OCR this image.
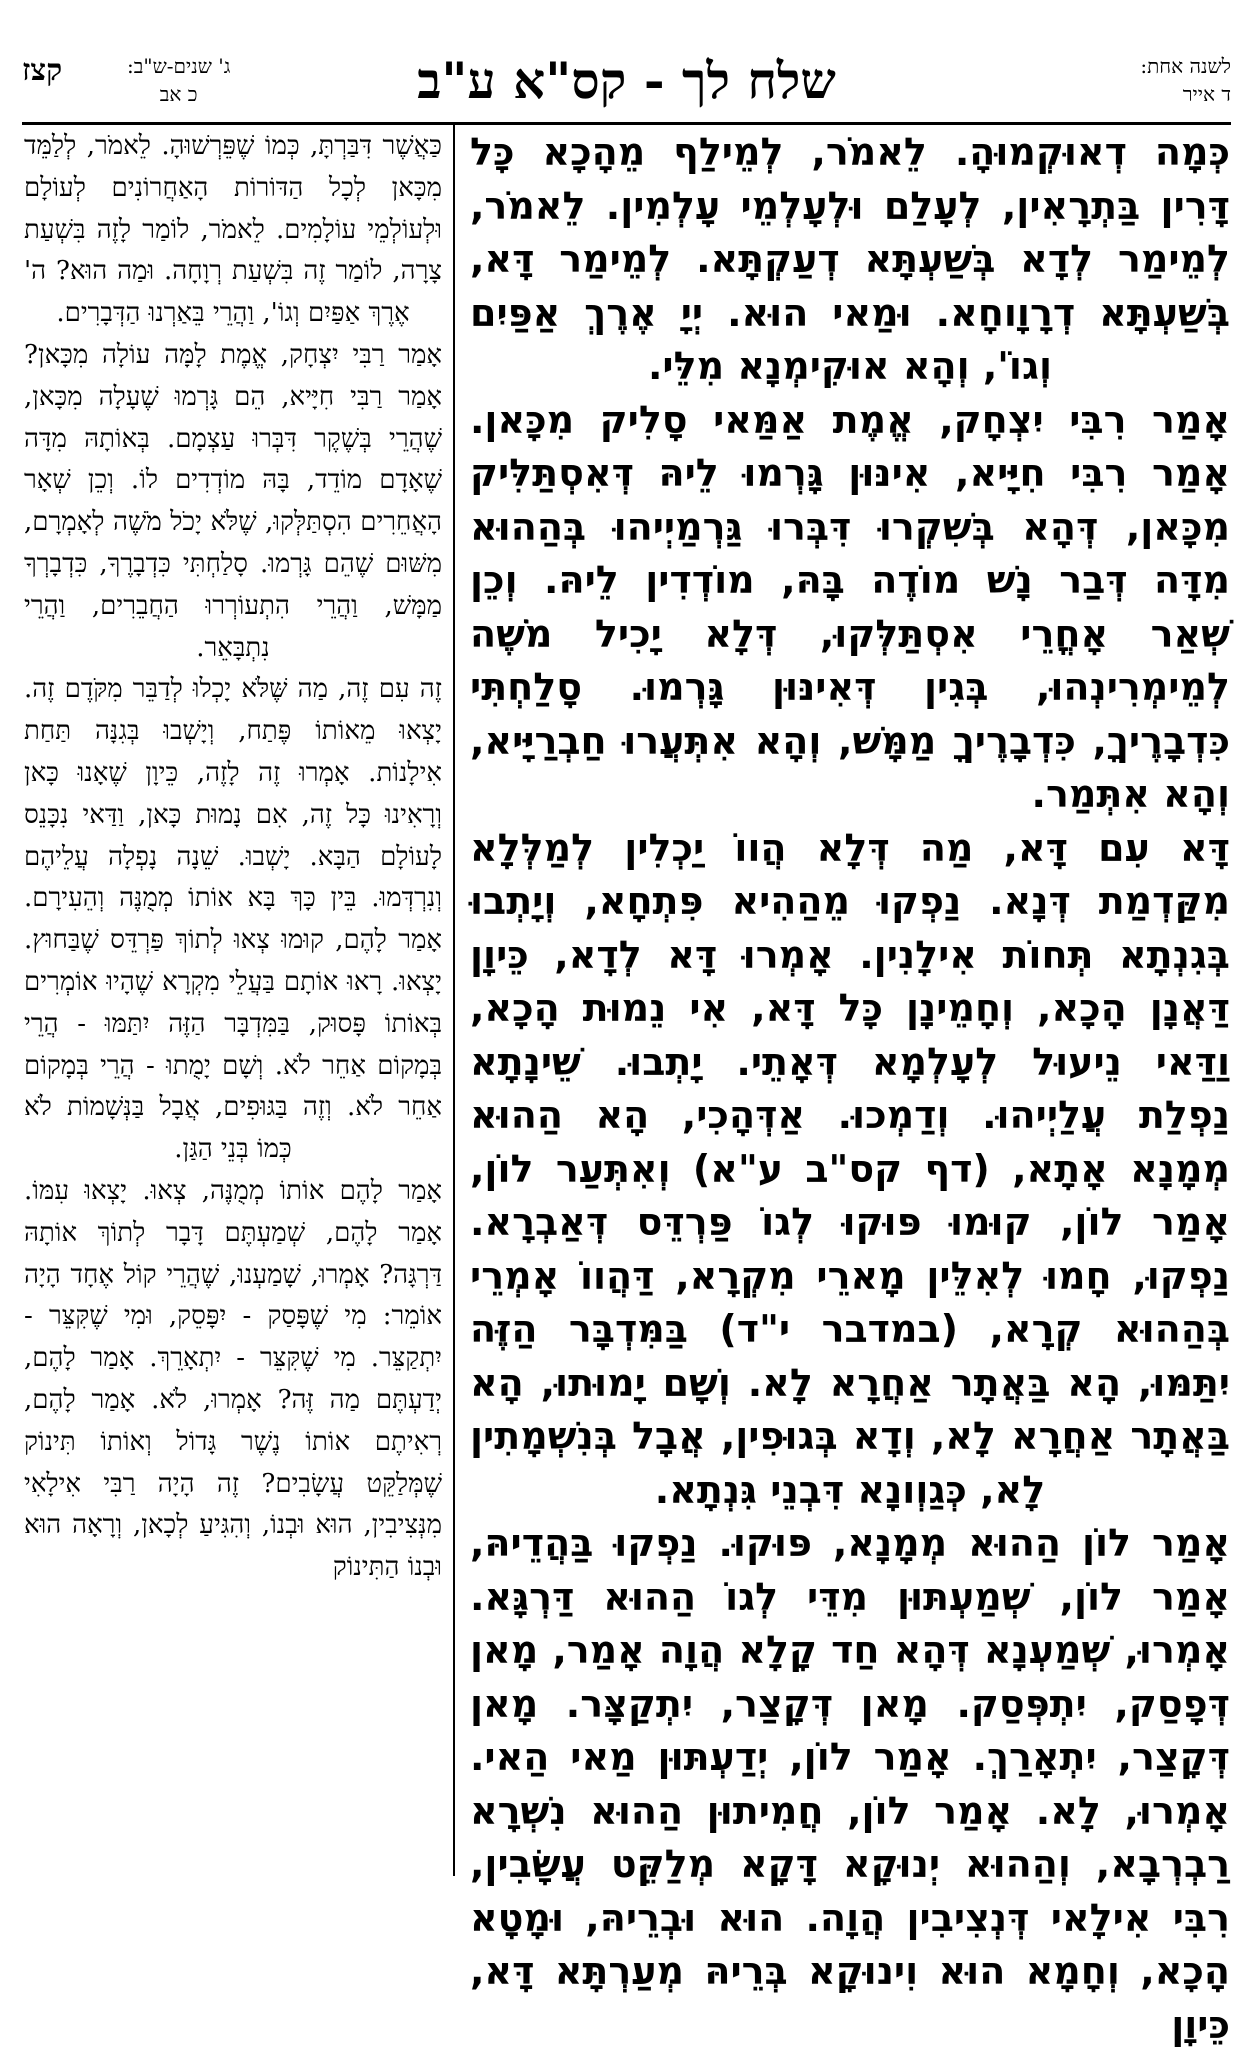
לשנה אחת:
ד אייר
שלח לך - קס"א ע"ב
ג' שנים-ש"ב:
כ אב
קצז

כְּמָה דְאוּקְמוּהָ. לֵאמֹר, לְמֵילַף מֵהָכָא כָּל דָּרִין בַּתְרָאִין, לְעָלַם וּלְעָלְמֵי עָלְמִין. לֵאמֹר, לְמֵימַר לְדָא בְּשַׁעְתָּא דְעַקְתָּא. לְמֵימַר דָּא, בְּשַׁעְתָּא דְרָוָוחָא. וּמַאי הוּא. יְיָ אֶרֶךְ אַפַּיִם וְגוֹ', וְהָא אוּקִימְנָא מִלֵּי.

אָמַר רִבִּי יִצְחָק, אֱמֶת אַמַּאי סָלִיק מִכָּאן. אָמַר רִבִּי חִיָּיא, אִינּוּן גָּרְמוּ לֵיהּ דְּאִסְתַּלִּיק מִכָּאן, דְּהָא בְּשִׁקְרוּ דִּבְּרוּ גַּרְמַיְיהוּ בְּהַהוּא מִדָּה דְּבַר נָשׁ מוֹדֶה בָּהּ, מוֹדְדִין לֵיהּ. וְכֵן שְׁאַר אָחֳרֵי אִסְתַּלְּקוּ, דְּלָא יָכִיל מֹשֶׁה לְמֵימְרִינְהוּ, בְּגִין דְּאִינּוּן גָּרְמוּ. סָלַחְתִּי כִּדְבָרֶיךָ, כִּדְבָרֶיךָ מַמָּשׁ, וְהָא אִתְּעֲרוּ חַבְרַיָּיא, וְהָא אִתְּמַר.

דָּא עִם דָּא, מַה דְּלָא הֲווֹ יַכְלִין לְמַלְּלָא מִקַּדְמַת דְּנָא. נַפְקוּ מֵהַהִיא פִּתְחָא, וְיָתְבוּ בְּגִנְתָא תְּחוֹת אִילָנִין. אָמְרוּ דָּא לְדָא, כֵּיוָן דַּאֲנָן הָכָא, וְחָמֵינָן כָּל דָּא, אִי נֵמוּת הָכָא, וַדַּאי נֵיעוּל לְעָלְמָא דְּאָתֵי. יָתְבוּ. שֵׁינָתָא נַפְלַת עֲלַיְיהוּ. וְדַמְכוּ. אַדְּהָכִי, הָא הַהוּא מְמָנָא אָתָא, (דף קס"ב ע"א) וְאִתְּעַר לוֹן, אָמַר לוֹן, קוּמוּ פּוּקוּ לְגוֹ פַּרְדֵּס דְּאַבְרָא. נַפְקוּ, חָמוּ לְאִלֵּין מָארֵי מִקְרָא, דַּהֲווֹ אָמְרֵי בְּהַהוּא קְרָא, (במדבר י"ד) בַּמִּדְבָּר הַזֶּה יִתַּמּוּ, הָא בַּאֲתָר אַחֲרָא לָא. וְשָׁם יָמוּתוּ, הָא בַּאֲתָר אַחֲרָא לָא, וְדָא בְּגוּפִין, אֲבָל בְּנִשְׁמָתִין לָא, כְּגַוְונָא דִּבְנֵי גִּנְתָא.

אָמַר לוֹן הַהוּא מְמָנָא, פּוּקוּ. נַפְקוּ בַּהֲדֵיהּ, אָמַר לוֹן, שְׁמַעְתּוּן מִדֵּי לְגוֹ הַהוּא דַּרְגָּא. אָמְרוּ, שְׁמַעְנָא דְּהָא חַד קָלָא הֲוָה אָמַר, מָאן דְּפָסַק, יִתְפְּסַק. מָאן דְּקָצַר, יִתְקַצָּר. מָאן דְּקָצַר, יִתְאָרַךְ. אָמַר לוֹן, יְדַעְתּוּן מַאי הַאי. אָמְרוּ, לָא. אָמַר לוֹן, חֲמִיתוּן הַהוּא נִשְׁרָא רַבְרְבָא, וְהַהוּא יְנוּקָא דָּקָא מְלַקֵּט עֲשָׂבִין, רִבִּי אִילָאי דְּנְצִיבִין הֲוָה. הוּא וּבְרֵיהּ, וּמָטָא הָכָא, וְחָמָא הוּא וִינוּקָא בְּרֵיהּ מְעַרְתָּא דָּא, כֵּיוָן

כַּאֲשֶׁר דִּבַּרְתָּ, כְּמוֹ שֶׁפֵּרְשׁוּהָ. לֵאמֹר, לְלַמֵּד מִכָּאן לְכָל הַדּוֹרוֹת הָאַחֲרוֹנִים לְעוֹלָם וּלְעוֹלְמֵי עוֹלָמִים. לֵאמֹר, לוֹמַר לָזֶה בִּשְׁעַת צָרָה, לוֹמַר זֶה בִּשְׁעַת רְוָחָה. וּמַה הוּא? ה' אֶרֶךְ אַפַּיִם וְגוֹ', וַהֲרֵי בֵּאַרְנוּ הַדְּבָרִים.

אָמַר רַבִּי יִצְחָק, אֱמֶת לָמָּה עוֹלָה מִכָּאן? אָמַר רַבִּי חִיָּיא, הֵם גָּרְמוּ שֶׁעָלָה מִכָּאן, שֶׁהֲרֵי בְּשֶׁקֶר דִּבְּרוּ עַצְמָם. בְּאוֹתָהּ מִדָּה שֶׁאָדָם מוֹדֵד, בָּהּ מוֹדְדִים לוֹ. וְכֵן שְׁאָר הָאֲחֵרִים הִסְתַּלְּקוּ, שֶׁלֹּא יָכֹל מֹשֶׁה לְאָמְרָם, מִשּׁוּם שֶׁהֵם גָּרְמוּ. סָלַחְתִּי כִּדְבָרֶךָ, כִּדְבָרְךָ מַמָּשׁ, וַהֲרֵי הִתְעוֹרְרוּ הַחֲבֵרִים, וַהֲרֵי נִתְבָּאֵר.

זֶה עִם זֶה, מַה שֶּׁלֹּא יָכְלוּ לְדַבֵּר מִקֹּדֶם זֶה. יָצְאוּ מֵאוֹתוֹ פֶּתַח, וְיָשְׁבוּ בְּגִנָּה תַּחַת אִילָנוֹת. אָמְרוּ זֶה לָזֶה, כֵּיוָן שֶׁאָנוּ כָּאן וְרָאִינוּ כָּל זֶה, אִם נָמוּת כָּאן, וַדַּאי נִכָּנֵס לָעוֹלָם הַבָּא. יָשְׁבוּ. שֵׁנָה נָפְלָה עֲלֵיהֶם וְנִרְדְּמוּ. בֵּין כָּךְ בָּא אוֹתוֹ מְמֻנֶּה וְהֵעִירָם. אָמַר לָהֶם, קוּמוּ צְאוּ לְתוֹךְ פַּרְדֵּס שֶׁבַּחוּץ. יָצְאוּ. רָאוּ אוֹתָם בַּעֲלֵי מִקְרָא שֶׁהָיוּ אוֹמְרִים בְּאוֹתוֹ פָּסוּק, בַּמִּדְבָּר הַזֶּה יִתַּמּוּ - הֲרֵי בְּמָקוֹם אַחֵר לֹא. וְשָׁם יָמֻתוּ - הֲרֵי בְּמָקוֹם אַחֵר לֹא. וְזֶה בַּגּוּפִים, אֲבָל בַּנְּשָׁמוֹת לֹא כְּמוֹ בְּנֵי הַגַּן.

אָמַר לָהֶם אוֹתוֹ מְמֻנֶּה, צְאוּ. יָצְאוּ עִמּוֹ. אָמַר לָהֶם, שְׁמַעְתֶּם דָּבָר לְתוֹךְ אוֹתָהּ דַּרְגָּה? אָמְרוּ, שָׁמַעְנוּ, שֶׁהֲרֵי קוֹל אֶחָד הָיָה אוֹמֵר: מִי שֶׁפָּסַק - יִפָּסֵק, וּמִי שֶׁקִּצֵּר - יִתְקַצֵּר. מִי שֶׁקִּצֵּר - יִתְאָרֵךְ. אָמַר לָהֶם, יְדַעְתֶּם מַה זֶּה? אָמְרוּ, לֹא. אָמַר לָהֶם, רְאִיתֶם אוֹתוֹ נֶשֶׁר גָּדוֹל וְאוֹתוֹ תִּינוֹק שֶׁמְּלַקֵּט עֲשָׂבִים? זֶה הָיָה רַבִּי אִילָאִי מִנְּצִיבִין, הוּא וּבְנוֹ, וְהִגִּיעַ לְכָאן, וְרָאָה הוּא וּבְנוֹ הַתִּינוֹק
